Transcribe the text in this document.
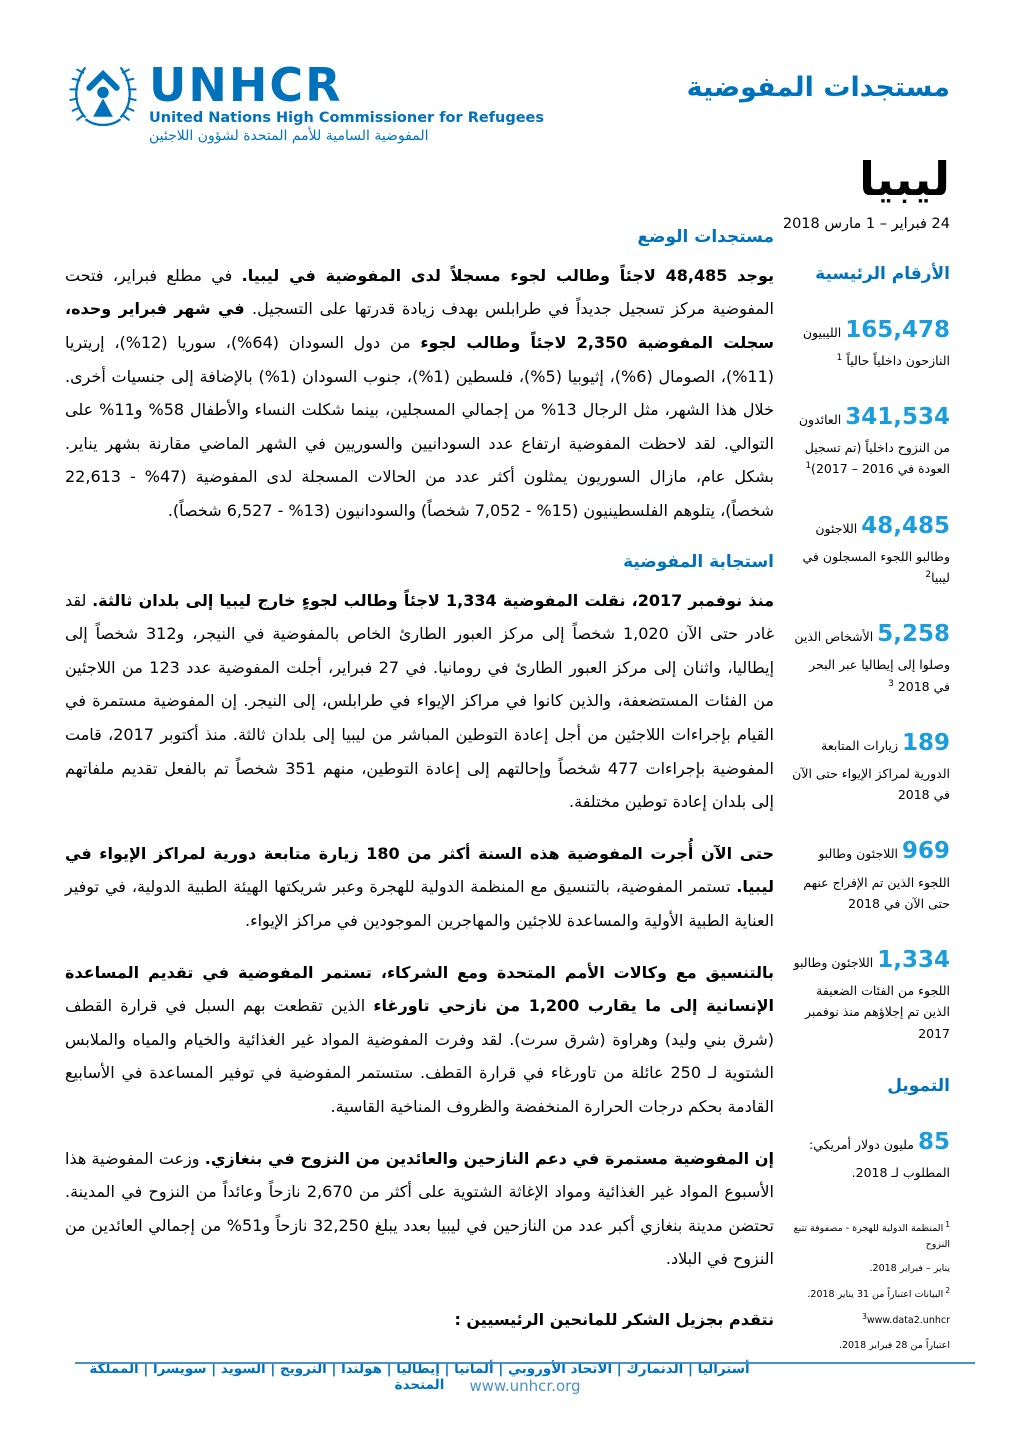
مستجدات المفوضية
UNHCR
United Nations High Commissioner for Refugees
المفوضية السامية للأمم المتحدة لشؤون اللاجئين
ليبيا
24 فبراير – 1 مارس 2018
الأرقام الرئيسية
165,478 الليبيون النازحون داخلياً حالياً $^1$
341,534 العائدون من النزوح داخلياً (تم تسجيل العودة في 2016 – 2017)$^1$
48,485 اللاجئون وطالبو اللجوء المسجلون في ليبيا$^2$
5,258 الأشخاص الذين وصلوا إلى إيطاليا عبر البحر في 2018 $^3$
189 زيارات المتابعة الدورية لمراكز الإيواء حتى الآن في 2018
969 اللاجئون وطالبو اللجوء الذين تم الإفراج عنهم حتى الآن في 2018
1,334 اللاجئون وطالبو اللجوء من الفئات الضعيفة الذين تم إجلاؤهم منذ نوفمبر 2017
التمويل
85 مليون دولار أمريكي: المطلوب لـ 2018.
$^1$المنظمة الدولية للهجرة - مصفوفة تتبع النزوح
يناير – فبراير 2018.
$^2$البيانات اعتباراً من 31 يناير 2018.
$^3$www.data2.unhcr
اعتباراً من 28 فبراير 2018.
مستجدات الوضع

يوجد 48,485 لاجئاً وطالب لجوء مسجلاً لدى المفوضية في ليبيا. في مطلع فبراير، فتحت المفوضية مركز تسجيل جديداً في طرابلس بهدف زيادة قدرتها على التسجيل. في شهر فبراير وحده، سجلت المفوضية 2,350 لاجئاً وطالب لجوء من دول السودان (64%)، سوريا (12%)، إريتريا (11%)، الصومال (6%)، إثيوبيا (5%)، فلسطين (1%)، جنوب السودان (1%) بالإضافة إلى جنسيات أخرى. خلال هذا الشهر، مثل الرجال 13% من إجمالي المسجلين، بينما شكلت النساء والأطفال 58% و11% على التوالي. لقد لاحظت المفوضية ارتفاع عدد السودانيين والسوريين في الشهر الماضي مقارنة بشهر يناير. بشكل عام، مازال السوريون يمثلون أكثر عدد من الحالات المسجلة لدى المفوضية (47% - 22,613 شخصاً)، يتلوهم الفلسطينيون (15% - 7,052 شخصاً) والسودانيون (13% - 6,527 شخصاً).

استجابة المفوضية

منذ نوفمبر 2017، نقلت المفوضية 1,334 لاجئاً وطالب لجوءٍ خارج ليبيا إلى بلدان ثالثة. لقد غادر حتى الآن 1,020 شخصاً إلى مركز العبور الطارئ الخاص بالمفوضية في النيجر، و312 شخصاً إلى إيطاليا، واثنان إلى مركز العبور الطارئ في رومانيا. في 27 فبراير، أجلت المفوضية عدد 123 من اللاجئين من الفئات المستضعفة، والذين كانوا في مراكز الإيواء في طرابلس، إلى النيجر. إن المفوضية مستمرة في القيام بإجراءات اللاجئين من أجل إعادة التوطين المباشر من ليبيا إلى بلدان ثالثة. منذ أكتوبر 2017، قامت المفوضية بإجراءات 477 شخصاً وإحالتهم إلى إعادة التوطين، منهم 351 شخصاً تم بالفعل تقديم ملفاتهم إلى بلدان إعادة توطين مختلفة.

حتى الآن أُجرت المفوضية هذه السنة أكثر من 180 زيارة متابعة دورية لمراكز الإيواء في ليبيا. تستمر المفوضية، بالتنسيق مع المنظمة الدولية للهجرة وعبر شريكتها الهيئة الطبية الدولية، في توفير العناية الطبية الأولية والمساعدة للاجئين والمهاجرين الموجودين في مراكز الإيواء.

بالتنسيق مع وكالات الأمم المتحدة ومع الشركاء، تستمر المفوضية في تقديم المساعدة الإنسانية إلى ما يقارب 1,200 من نازحي تاورغاء الذين تقطعت بهم السبل في قرارة القطف (شرق بني وليد) وهراوة (شرق سرت). لقد وفرت المفوضية المواد غير الغذائية والخيام والمياه والملابس الشتوية لـ 250 عائلة من تاورغاء في قرارة القطف. ستستمر المفوضية في توفير المساعدة في الأسابيع القادمة بحكم درجات الحرارة المنخفضة والظروف المناخية القاسية.

إن المفوضية مستمرة في دعم النازحين والعائدين من النزوح في بنغازي. وزعت المفوضية هذا الأسبوع المواد غير الغذائية ومواد الإغاثة الشتوية على أكثر من 2,670 نازحاً وعائداً من النزوح في المدينة. تحتضن مدينة بنغازي أكبر عدد من النازحين في ليبيا بعدد يبلغ 32,250 نازحاً و51% من إجمالي العائدين من النزوح في البلاد.

نتقدم بجزيل الشكر للمانحين الرئيسيين :
أستراليا | الدنمارك | الاتحاد الأوروبي | ألمانيا | إيطاليا | هولندا | النرويج | السويد | سويسرا | المملكة المتحدة	www.unhcr.org
